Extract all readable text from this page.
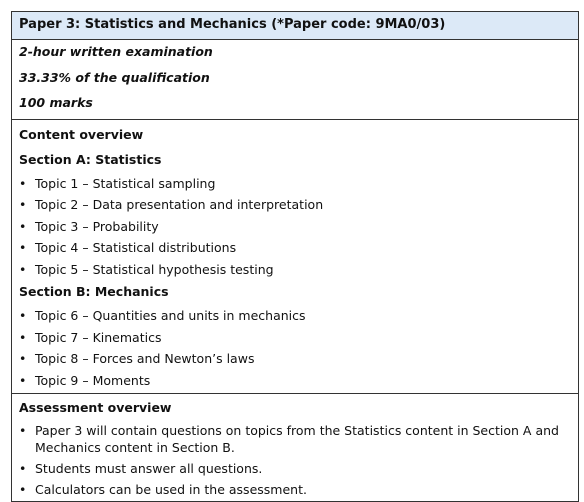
Paper 3: Statistics and Mechanics (*Paper code: 9MA0/03)
2-hour written examination
33.33% of the qualification
100 marks
Content overview
Section A: Statistics
• Topic 1 – Statistical sampling
• Topic 2 – Data presentation and interpretation
• Topic 3 – Probability
• Topic 4 – Statistical distributions
• Topic 5 – Statistical hypothesis testing
Section B: Mechanics
• Topic 6 – Quantities and units in mechanics
• Topic 7 – Kinematics
• Topic 8 – Forces and Newton’s laws
• Topic 9 – Moments
Assessment overview
• Paper 3 will contain questions on topics from the Statistics content in Section A and Mechanics content in Section B.
• Students must answer all questions.
• Calculators can be used in the assessment.
